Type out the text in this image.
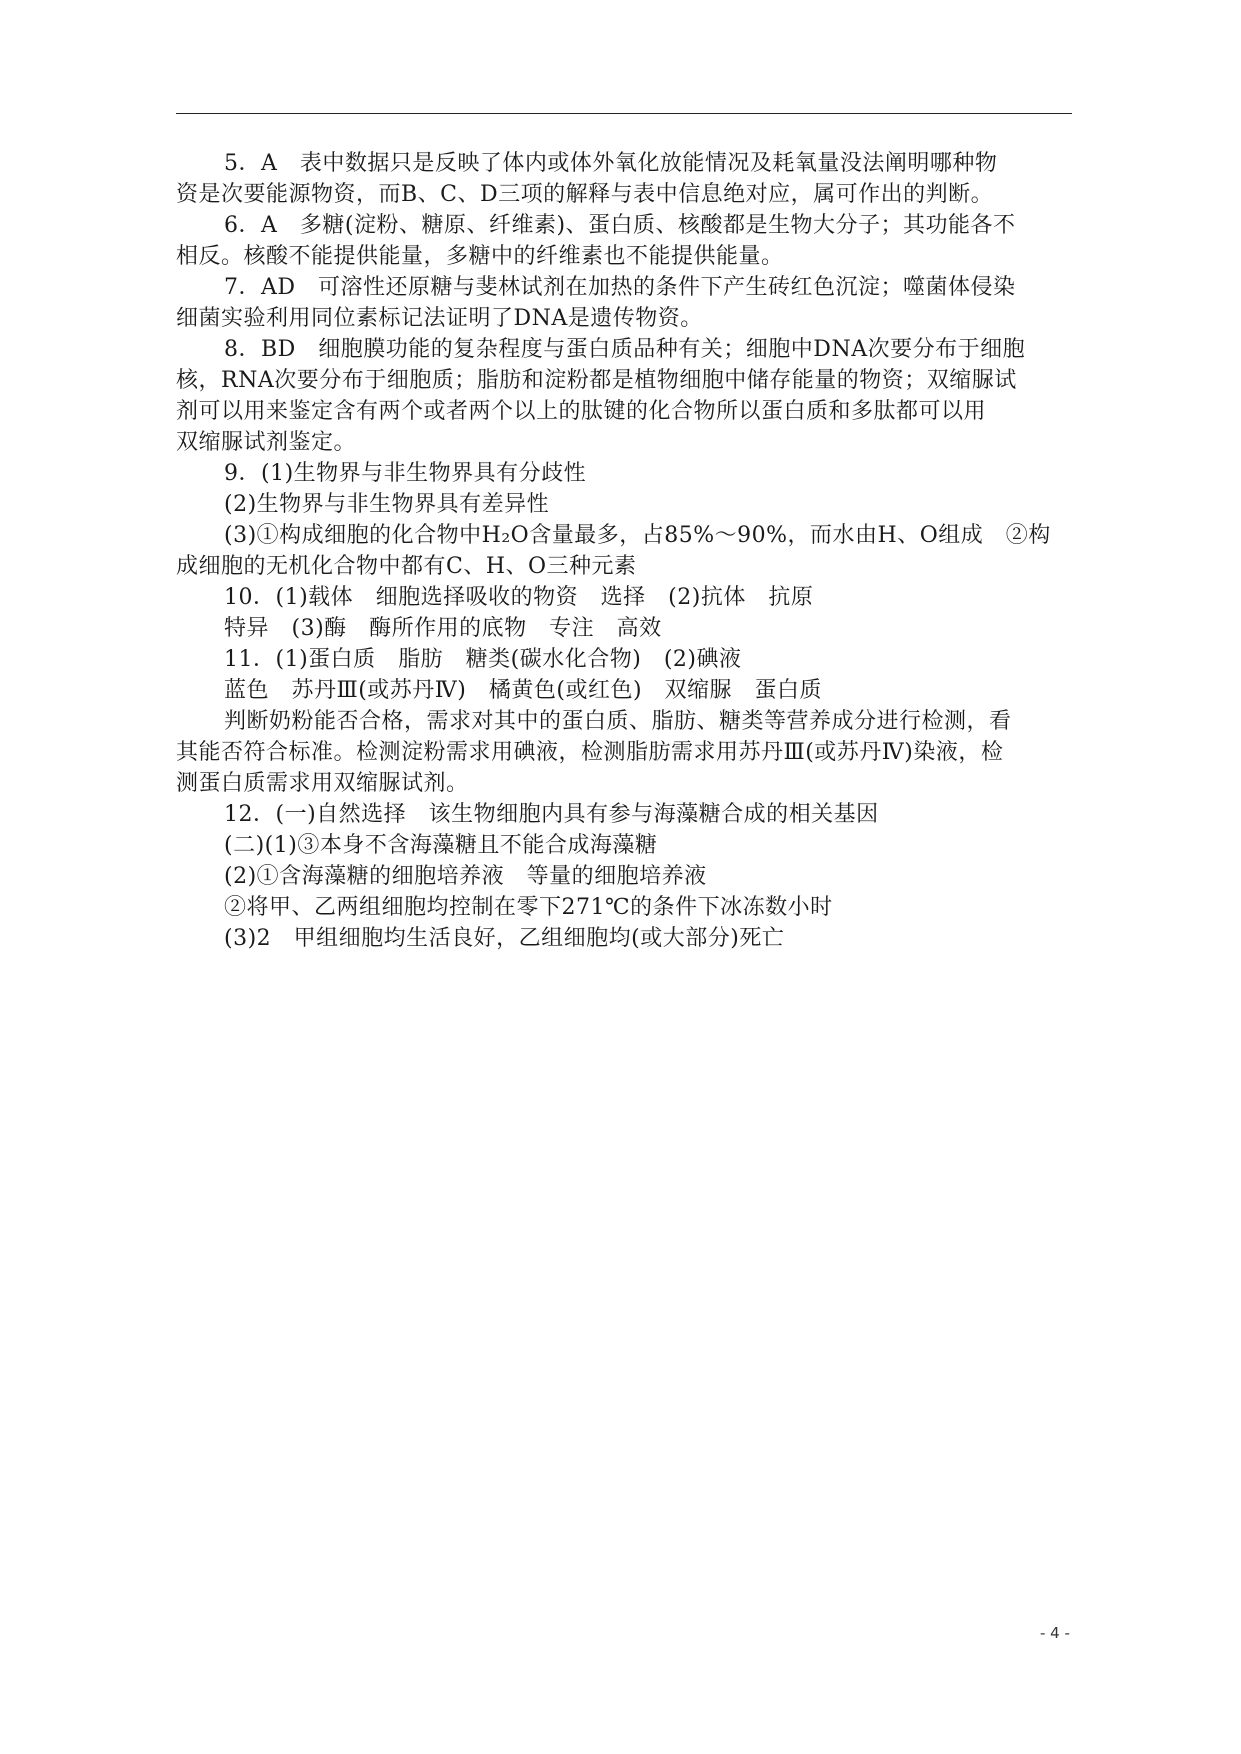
5．A　表中数据只是反映了体内或体外氧化放能情况及耗氧量没法阐明哪种物
资是次要能源物资，而B、C、D三项的解释与表中信息绝对应，属可作出的判断。
6．A　多糖(淀粉、糖原、纤维素)、蛋白质、核酸都是生物大分子；其功能各不
相反。核酸不能提供能量，多糖中的纤维素也不能提供能量。
7．AD　可溶性还原糖与斐林试剂在加热的条件下产生砖红色沉淀；噬菌体侵染
细菌实验利用同位素标记法证明了DNA是遗传物资。
8．BD　细胞膜功能的复杂程度与蛋白质品种有关；细胞中DNA次要分布于细胞
核，RNA次要分布于细胞质；脂肪和淀粉都是植物细胞中储存能量的物资；双缩脲试
剂可以用来鉴定含有两个或者两个以上的肽键的化合物所以蛋白质和多肽都可以用
双缩脲试剂鉴定。
9．(1)生物界与非生物界具有分歧性
(2)生物界与非生物界具有差异性
(3)①构成细胞的化合物中H₂O含量最多，占85%～90%，而水由H、O组成　②构
成细胞的无机化合物中都有C、H、O三种元素
10．(1)载体　细胞选择吸收的物资　选择　(2)抗体　抗原
特异　(3)酶　酶所作用的底物　专注　高效
11．(1)蛋白质　脂肪　糖类(碳水化合物)　(2)碘液
蓝色　苏丹Ⅲ(或苏丹Ⅳ)　橘黄色(或红色)　双缩脲　蛋白质
判断奶粉能否合格，需求对其中的蛋白质、脂肪、糖类等营养成分进行检测，看
其能否符合标准。检测淀粉需求用碘液，检测脂肪需求用苏丹Ⅲ(或苏丹Ⅳ)染液，检
测蛋白质需求用双缩脲试剂。
12．(一)自然选择　该生物细胞内具有参与海藻糖合成的相关基因
(二)(1)③本身不含海藻糖且不能合成海藻糖
(2)①含海藻糖的细胞培养液　等量的细胞培养液
②将甲、乙两组细胞均控制在零下271℃的条件下冰冻数小时
(3)2　甲组细胞均生活良好，乙组细胞均(或大部分)死亡
- 4 -
